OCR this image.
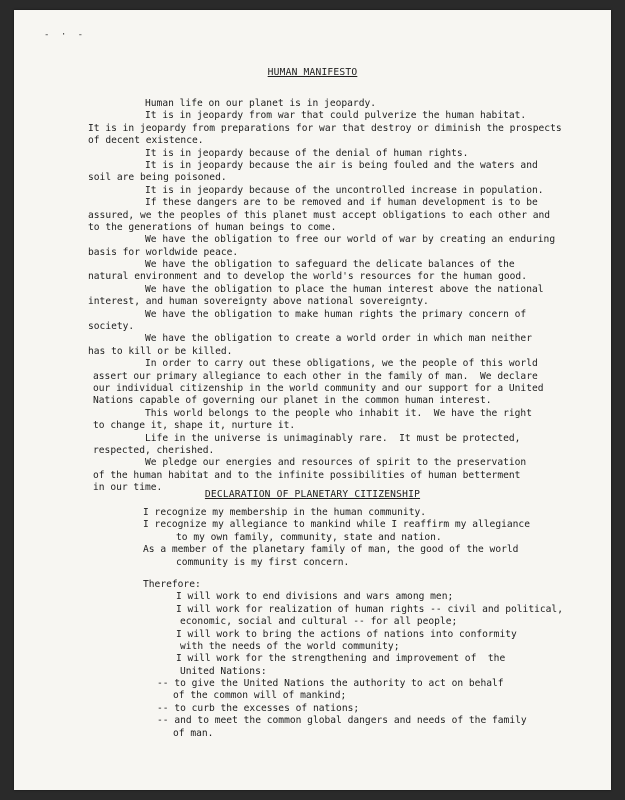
- · -
HUMAN MANIFESTO
Human life on our planet is in jeopardy.
It is in jeopardy from war that could pulverize the human habitat.
It is in jeopardy from preparations for war that destroy or diminish the prospects
of decent existence.
It is in jeopardy because of the denial of human rights.
It is in jeopardy because the air is being fouled and the waters and
soil are being poisoned.
It is in jeopardy because of the uncontrolled increase in population.
If these dangers are to be removed and if human development is to be
assured, we the peoples of this planet must accept obligations to each other and
to the generations of human beings to come.
We have the obligation to free our world of war by creating an enduring
basis for worldwide peace.
We have the obligation to safeguard the delicate balances of the
natural environment and to develop the world's resources for the human good.
We have the obligation to place the human interest above the national
interest, and human sovereignty above national sovereignty.
We have the obligation to make human rights the primary concern of
society.
We have the obligation to create a world order in which man neither
has to kill or be killed.
In order to carry out these obligations, we the people of this world
assert our primary allegiance to each other in the family of man.  We declare
our individual citizenship in the world community and our support for a United
Nations capable of governing our planet in the common human interest.
This world belongs to the people who inhabit it.  We have the right
to change it, shape it, nurture it.
Life in the universe is unimaginably rare.  It must be protected,
respected, cherished.
We pledge our energies and resources of spirit to the preservation
of the human habitat and to the infinite possibilities of human betterment
in our time.
DECLARATION OF PLANETARY CITIZENSHIP
I recognize my membership in the human community.
I recognize my allegiance to mankind while I reaffirm my allegiance
to my own family, community, state and nation.
As a member of the planetary family of man, the good of the world
community is my first concern.
Therefore:
I will work to end divisions and wars among men;
I will work for realization of human rights -- civil and political,
economic, social and cultural -- for all people;
I will work to bring the actions of nations into conformity
with the needs of the world community;
I will work for the strengthening and improvement of  the
United Nations:
-- to give the United Nations the authority to act on behalf
of the common will of mankind;
-- to curb the excesses of nations;
-- and to meet the common global dangers and needs of the family
of man.
